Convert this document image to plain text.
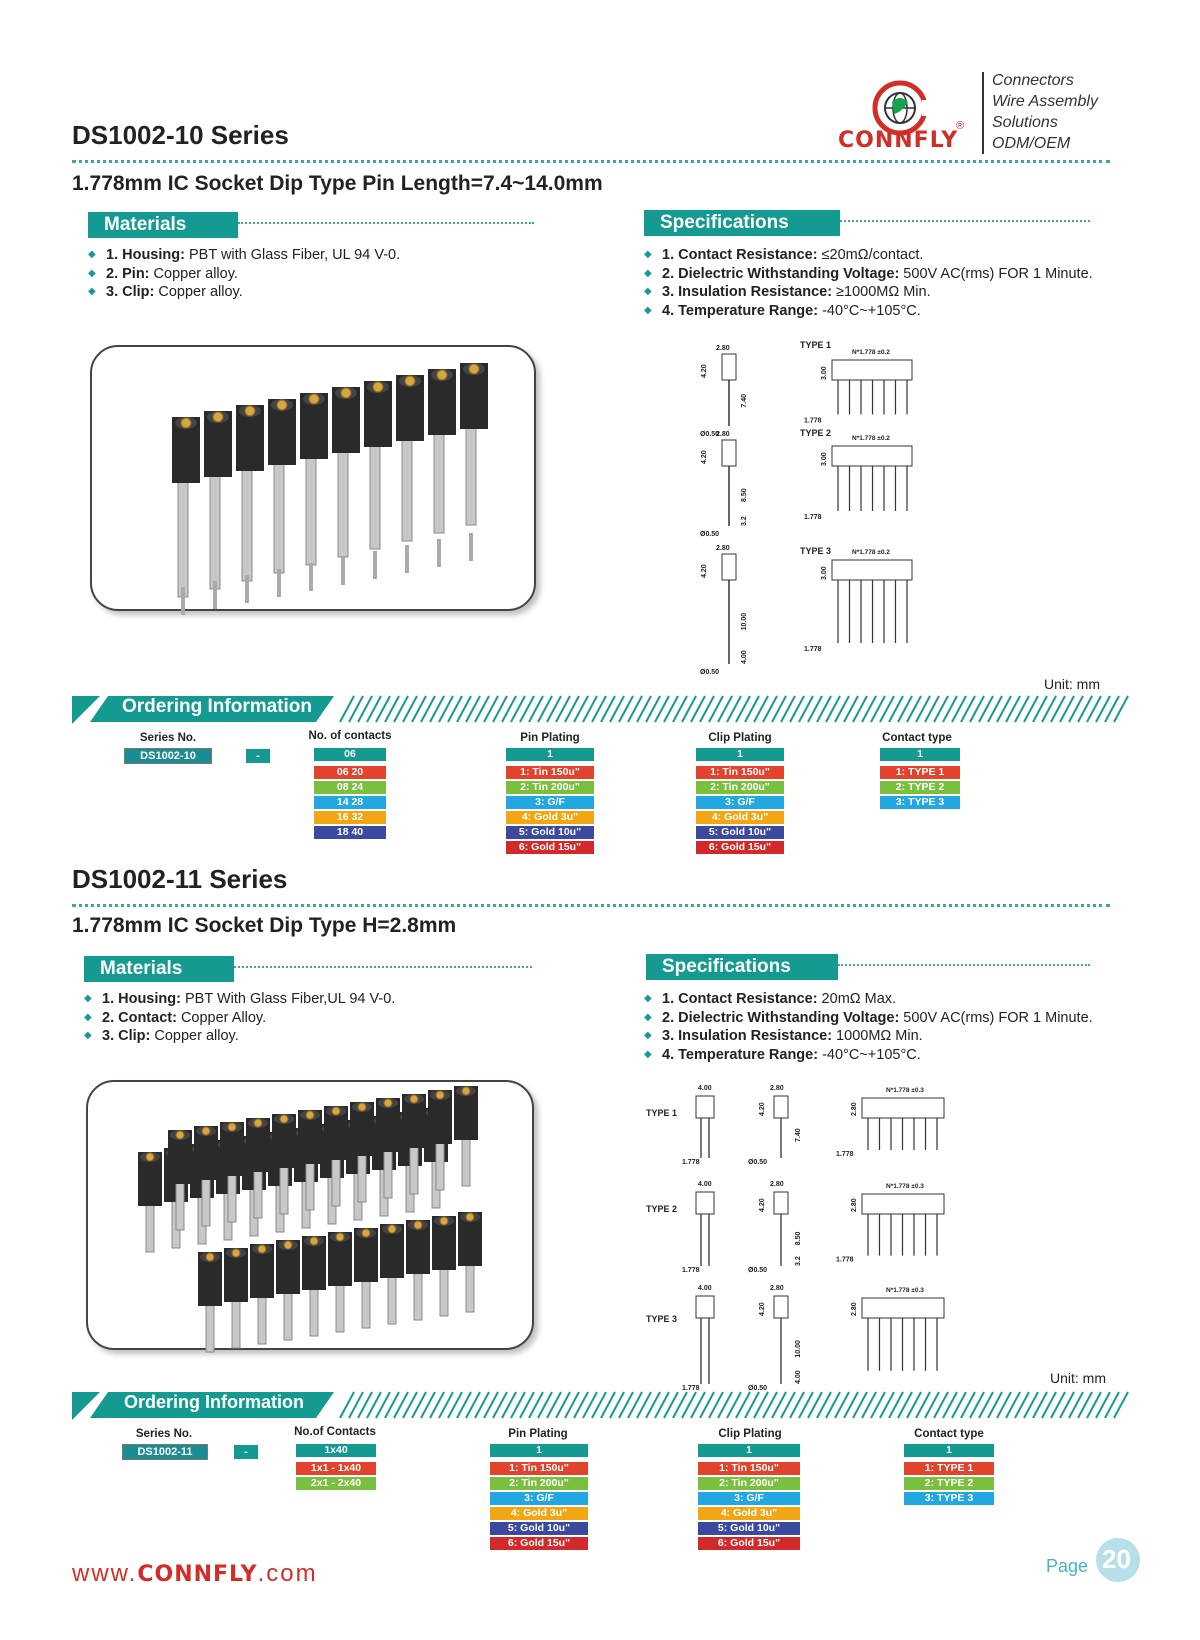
CONNFLY
®
Connectors
Wire Assembly
Solutions
ODM/OEM
DS1002-10 Series
1.778mm IC Socket Dip Type Pin Length=7.4~14.0mm
Materials
◆ 1. Housing: PBT with Glass Fiber, UL 94 V-0.
◆ 2. Pin: Copper alloy.
◆ 3. Clip: Copper alloy.
Specifications
◆ 1. Contact Resistance: ≤20mΩ/contact.
◆ 2. Dielectric Withstanding Voltage: 500V AC(rms) FOR 1 Minute.
◆ 3. Insulation Resistance: ≥1000MΩ Min.
◆ 4. Temperature Range: -40°C~+105°C.
2.80
4.20
7.40
Ø0.50
N*1.778 ±0.2
3.00
1.778
2.80
4.20
8.50
3.2
Ø0.50
N*1.778 ±0.2
3.00
1.778
2.80
4.20
10.00
4.00
Ø0.50
N*1.778 ±0.2
3.00
1.778
TYPE 1
TYPE 2
TYPE 3
Unit: mm
Ordering Information
Series No.
DS1002-10	-
No. of contacts
06
06 20
08 24
14 28
16 32
18 40
Pin Plating
1
1: Tin 150u"
2: Tin 200u"
3: G/F
4: Gold 3u"
5: Gold 10u"
6: Gold 15u"
Clip Plating
1
1: Tin 150u"
2: Tin 200u"
3: G/F
4: Gold 3u"
5: Gold 10u"
6: Gold 15u"
Contact type
1
1: TYPE 1
2: TYPE 2
3: TYPE 3
DS1002-11 Series
1.778mm IC Socket Dip Type H=2.8mm
Materials
◆ 1. Housing: PBT With Glass Fiber,UL 94 V-0.
◆ 2. Contact: Copper Alloy.
◆ 3. Clip: Copper alloy.
Specifications
◆ 1. Contact Resistance: 20mΩ Max.
◆ 2. Dielectric Withstanding Voltage: 500V AC(rms) FOR 1 Minute.
◆ 3. Insulation Resistance: 1000MΩ Min.
◆ 4. Temperature Range: -40°C~+105°C.
4.00
1.778
2.80
4.20
7.40
Ø0.50
N*1.778 ±0.3
2.80
1.778
4.00
1.778
2.80
4.20
8.50
3.2
Ø0.50
N*1.778 ±0.3
2.80
1.778
4.00
1.778
2.80
4.20
10.00
4.00
Ø0.50
N*1.778 ±0.3
2.80
TYPE 1
TYPE 2
TYPE 3
Unit: mm
Ordering Information
Series No.
DS1002-11	-
No.of Contacts
1x40
1x1 - 1x40
2x1 - 2x40
Pin Plating
1
1: Tin 150u"
2: Tin 200u"
3: G/F
4: Gold 3u"
5: Gold 10u"
6: Gold 15u"
Clip Plating
1
1: Tin 150u"
2: Tin 200u"
3: G/F
4: Gold 3u"
5: Gold 10u"
6: Gold 15u"
Contact type
1
1: TYPE 1
2: TYPE 2
3: TYPE 3
www.CONNFLY.com	Page 20
